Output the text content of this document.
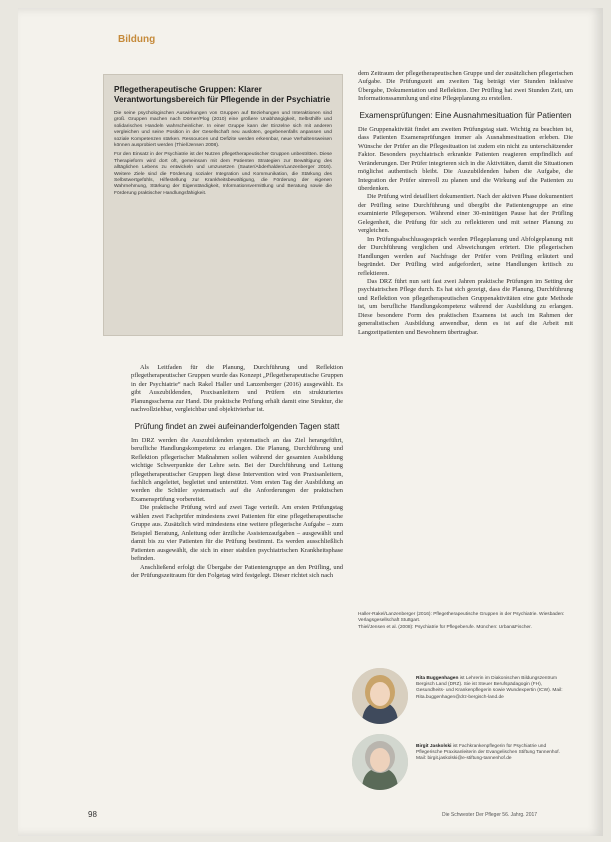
Bildung
Pflegetherapeutische Gruppen: Klarer Verantwortungsbereich für Pflegende in der Psychiatrie

Die seine psychologischen Auswirkungen von Gruppen auf Beziehungen und Interaktionen sind groß. Gruppen machen nach Dörner/Plog (2010) eine größere Unabhängigkeit, Selbsthilfe und solidarisches Handeln wahrscheinlicher. In einer Gruppe kann der Einzelne sich mit anderen vergleichen und seine Position in der Gesellschaft neu ausloten, gegebenenfalls anpassen und soziale Kompetenzen stärken. Ressourcen und Defizite werden erkennbar, neue Verhaltensweisen können ausprobiert werden (Thiel/Jensen 2008).

Für den Einsatz in der Psychiatrie ist der Nutzen pflegetherapeutischer Gruppen unbestritten. Diese Therapieform wird dort oft, gemeinsam mit dem Patienten Strategien zur Bewältigung des alltäglichen Lebens zu entwickeln und umzusetzen (Sauter/Abderhalden/Lanzenberger 2016). Weitere Ziele sind die Förderung sozialer Integration und Kommunikation, die Stärkung des Selbstwertgefühls, Hilfestellung zur Krankheitsbewältigung, die Förderung der eigenen Wahrnehmung, Stärkung der Eigenständigkeit, Informationsvermittlung und Beratung sowie die Förderung praktischer Handlungsfähigkeit.

Als Leitfaden für die Planung, Durchführung und Reflektion pflegetherapeutischer Gruppen wurde das Konzept „Pflegetherapeutische Gruppen in der Psychiatrie“ nach Rakel Haller und Lanzenberger (2016) ausgewählt. Es gibt Auszubildenden, Praxisanleitern und Prüfern ein strukturiertes Planungsschema zur Hand. Die praktische Prüfung erhält damit eine Struktur, die nachvollziehbar, vergleichbar und objektivierbar ist.

Prüfung findet an zwei aufeinanderfolgenden Tagen statt

Im DRZ werden die Auszubildenden systematisch an das Ziel herangeführt, berufliche Handlungskompetenz zu erlangen. Die Planung, Durchführung und Reflektion pflegerischer Maßnahmen sollen während der gesamten Ausbildung wichtige Schwerpunkte der Lehre sein. Bei der Durchführung und Leitung pflegetherapeutischer Gruppen liegt diese Intervention wird von Praxisanleitern, fachlich angeleitet, begleitet und unterstützt. Vom ersten Tag der Ausbildung an werden die Schüler systematisch auf die Anforderungen der praktischen Examensprüfung vorbereitet.

Die praktische Prüfung wird auf zwei Tage verteilt. Am ersten Prüfungstag wählen zwei Fachprüfer mindestens zwei Patienten für eine pflegetherapeutische Gruppe aus. Zusätzlich wird mindestens eine weitere pflegerische Aufgabe – zum Beispiel Beratung, Anleitung oder ärztliche Assistenzaufgaben – ausgewählt und damit bis zu vier Patienten für die Prüfung bestimmt. Es werden ausschließlich Patienten ausgewählt, die sich in einer stabilen psychiatrischen Krankheitsphase befinden.

Anschließend erfolgt die Übergabe der Patientengruppe an den Prüfling, und der Prüfungszeitraum für den Folgetag wird festgelegt. Dieser richtet sich nach

dem Zeitraum der pflegetherapeutischen Gruppe und der zusätzlichen pflegerischen Aufgabe. Die Prüfungszeit am zweiten Tag beträgt vier Stunden inklusive Übergabe, Dokumentation und Reflektion. Der Prüfling hat zwei Stunden Zeit, um Informationssammlung und eine Pflegeplanung zu erstellen.

Examensprüfungen: Eine Ausnahmesituation für Patienten

Die Gruppenaktivität findet am zweiten Prüfungstag statt. Wichtig zu beachten ist, dass Patienten Examensprüfungen immer als Ausnahmesituation erleben. Die Wünsche der Prüfer an die Pflegesituation ist zudem ein nicht zu unterschätzender Faktor. Besonders psychiatrisch erkrankte Patienten reagieren empfindlich auf Veränderungen. Der Prüfer integrieren sich in die Aktivitäten, damit die Situationen möglichst authentisch bleibt. Die Auszubildenden haben die Aufgabe, die Integration der Prüfer sinnvoll zu planen und die Wirkung auf die Patienten zu überdenken.

Die Prüfung wird detailliert dokumentiert. Nach der aktiven Phase dokumentiert der Prüfling seine Durchführung und übergibt die Patientengruppe an eine examinierte Pflegeperson. Während einer 30-minütigen Pause hat der Prüfling Gelegenheit, die Prüfung für sich zu reflektieren und mit seiner Planung zu vergleichen.

Im Prüfungsabschlussgespräch werden Pflegeplanung und Abfolgeplanung mit der Durchführung verglichen und Abweichungen erörtert. Die pflegerischen Handlungen werden auf Nachfrage der Prüfer vom Prüfling erläutert und begründet. Der Prüfling wird aufgefordert, seine Handlungen kritisch zu reflektieren.

Das DRZ führt nun seit fast zwei Jahren praktische Prüfungen im Setting der psychiatrischen Pflege durch. Es hat sich gezeigt, dass die Planung, Durchführung und Reflektion von pflegetherapeutischen Gruppenaktivitäten eine gute Methode ist, um berufliche Handlungskompetenz während der Ausbildung zu erlangen. Diese besondere Form des praktischen Examens ist auch im Rahmen der generalistischen Ausbildung anwendbar, denn es ist auf die Arbeit mit Langzeitpatienten und Bewohnern übertragbar.

Haller-Rakel/Lanzenberger (2016): Pflegetherapeutische Gruppen in der Psychiatrie. Wiesbaden: Verlagsgesellschaft Stuttgart.

Thiel/Jensen et al. (2008): Psychiatrie für Pflegeberufe. München: Urban&Fischer.

Rita Buggenhagen ist Lehrerin im Diakonischen Bildungszentrum Bergisch Land (DRZ). Sie ist Steuer Berufspädagogin (FH), Gesundheits- und Krankenpflegerin sowie Wundexpertin (ICW). Mail: Rita.buggenhagen@drz-bergisch-land.de
Birgit Jaskolski ist Fachkrankenpflegerin für Psychiatrie und Pflegerische Praxisanleiterin der Evangelischen Stiftung Tannenhof. Mail: birgit.jaskolski@e-stiftung-tannenhof.de
98	Die Schwester Der Pfleger 56. Jahrg. 2017
